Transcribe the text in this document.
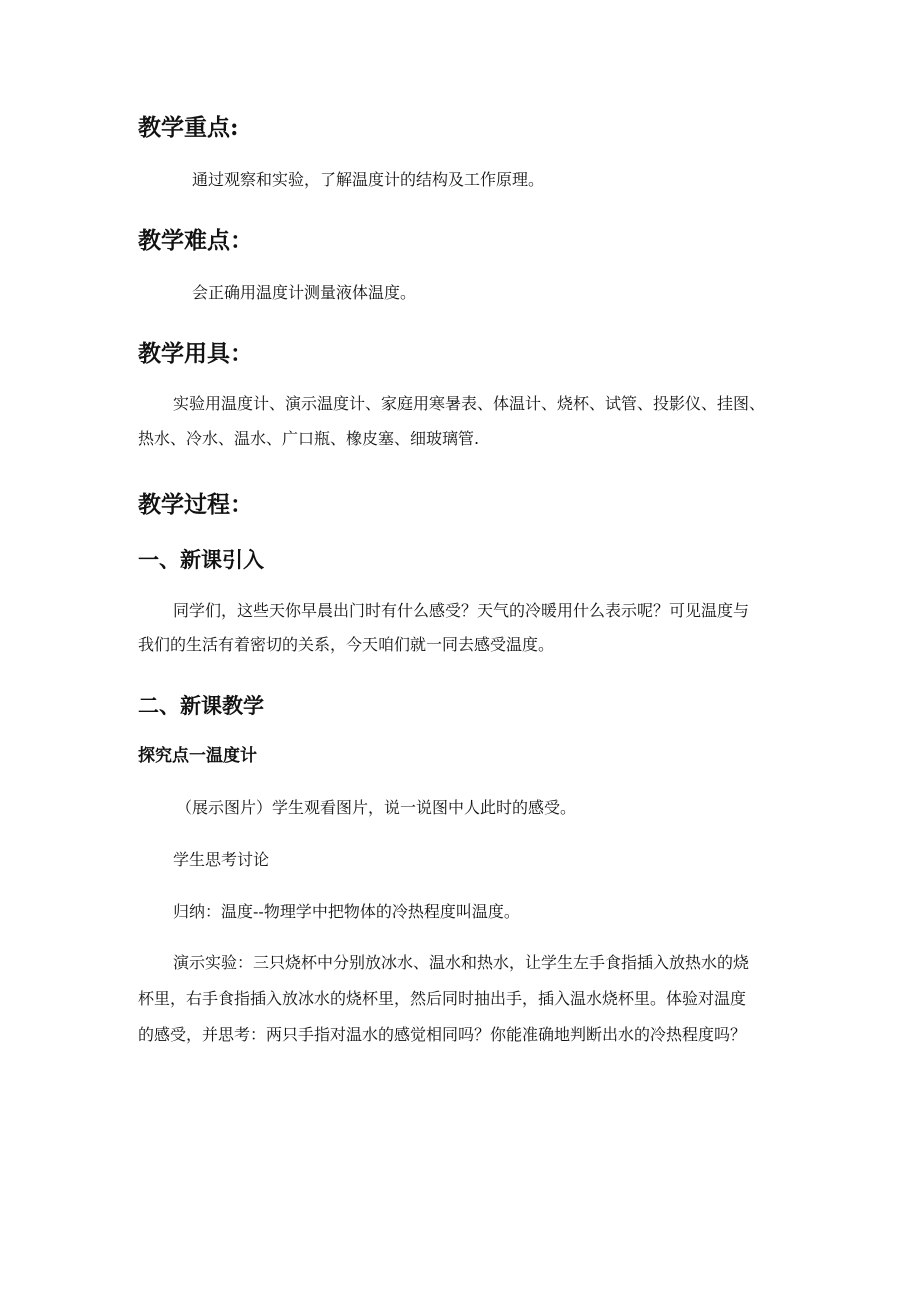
教学重点:

通过观察和实验，了解温度计的结构及工作原理。

教学难点：

会正确用温度计测量液体温度。

教学用具：

实验用温度计、演示温度计、家庭用寒暑表、体温计、烧杯、试管、投影仪、挂图、

热水、冷水、温水、广口瓶、橡皮塞、细玻璃管.

教学过程：
一、新课引入

同学们，这些天你早晨出门时有什么感受？天气的冷暖用什么表示呢？可见温度与

我们的生活有着密切的关系，今天咱们就一同去感受温度。

二、新课教学
探究点一温度计

（展示图片）学生观看图片，说一说图中人此时的感受。

学生思考讨论

归纳：温度--物理学中把物体的冷热程度叫温度。

演示实验：三只烧杯中分别放冰水、温水和热水，让学生左手食指插入放热水的烧

杯里，右手食指插入放冰水的烧杯里，然后同时抽出手，插入温水烧杯里。体验对温度

的感受，并思考：两只手指对温水的感觉相同吗？你能准确地判断出水的冷热程度吗？
